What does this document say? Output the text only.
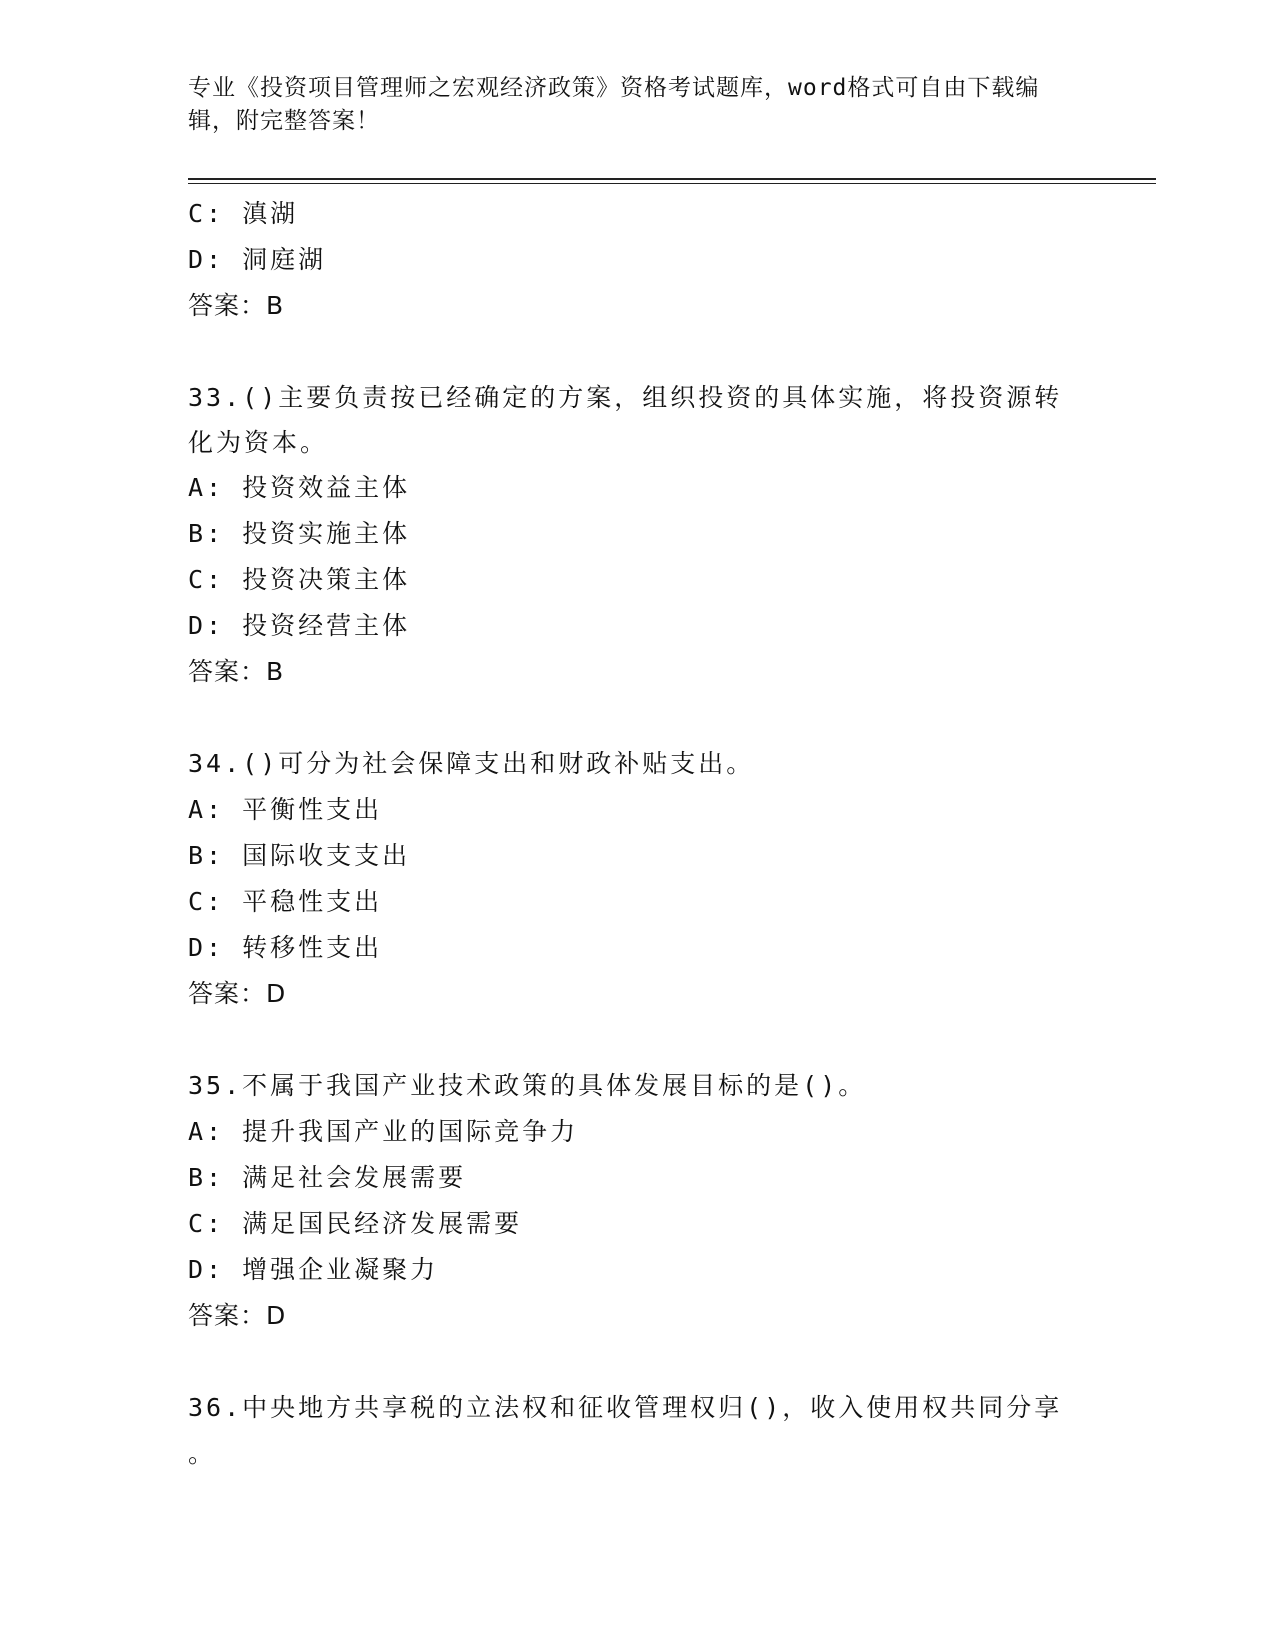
专业《投资项目管理师之宏观经济政策》资格考试题库，word格式可自由下载编
辑，附完整答案！
C: 滇湖
D: 洞庭湖
答案：B
33.()主要负责按已经确定的方案，组织投资的具体实施，将投资源转
化为资本。
A: 投资效益主体
B: 投资实施主体
C: 投资决策主体
D: 投资经营主体
答案：B
34.()可分为社会保障支出和财政补贴支出。
A: 平衡性支出
B: 国际收支支出
C: 平稳性支出
D: 转移性支出
答案：D
35.不属于我国产业技术政策的具体发展目标的是()。
A: 提升我国产业的国际竞争力
B: 满足社会发展需要
C: 满足国民经济发展需要
D: 增强企业凝聚力
答案：D
36.中央地方共享税的立法权和征收管理权归()，收入使用权共同分享
。
